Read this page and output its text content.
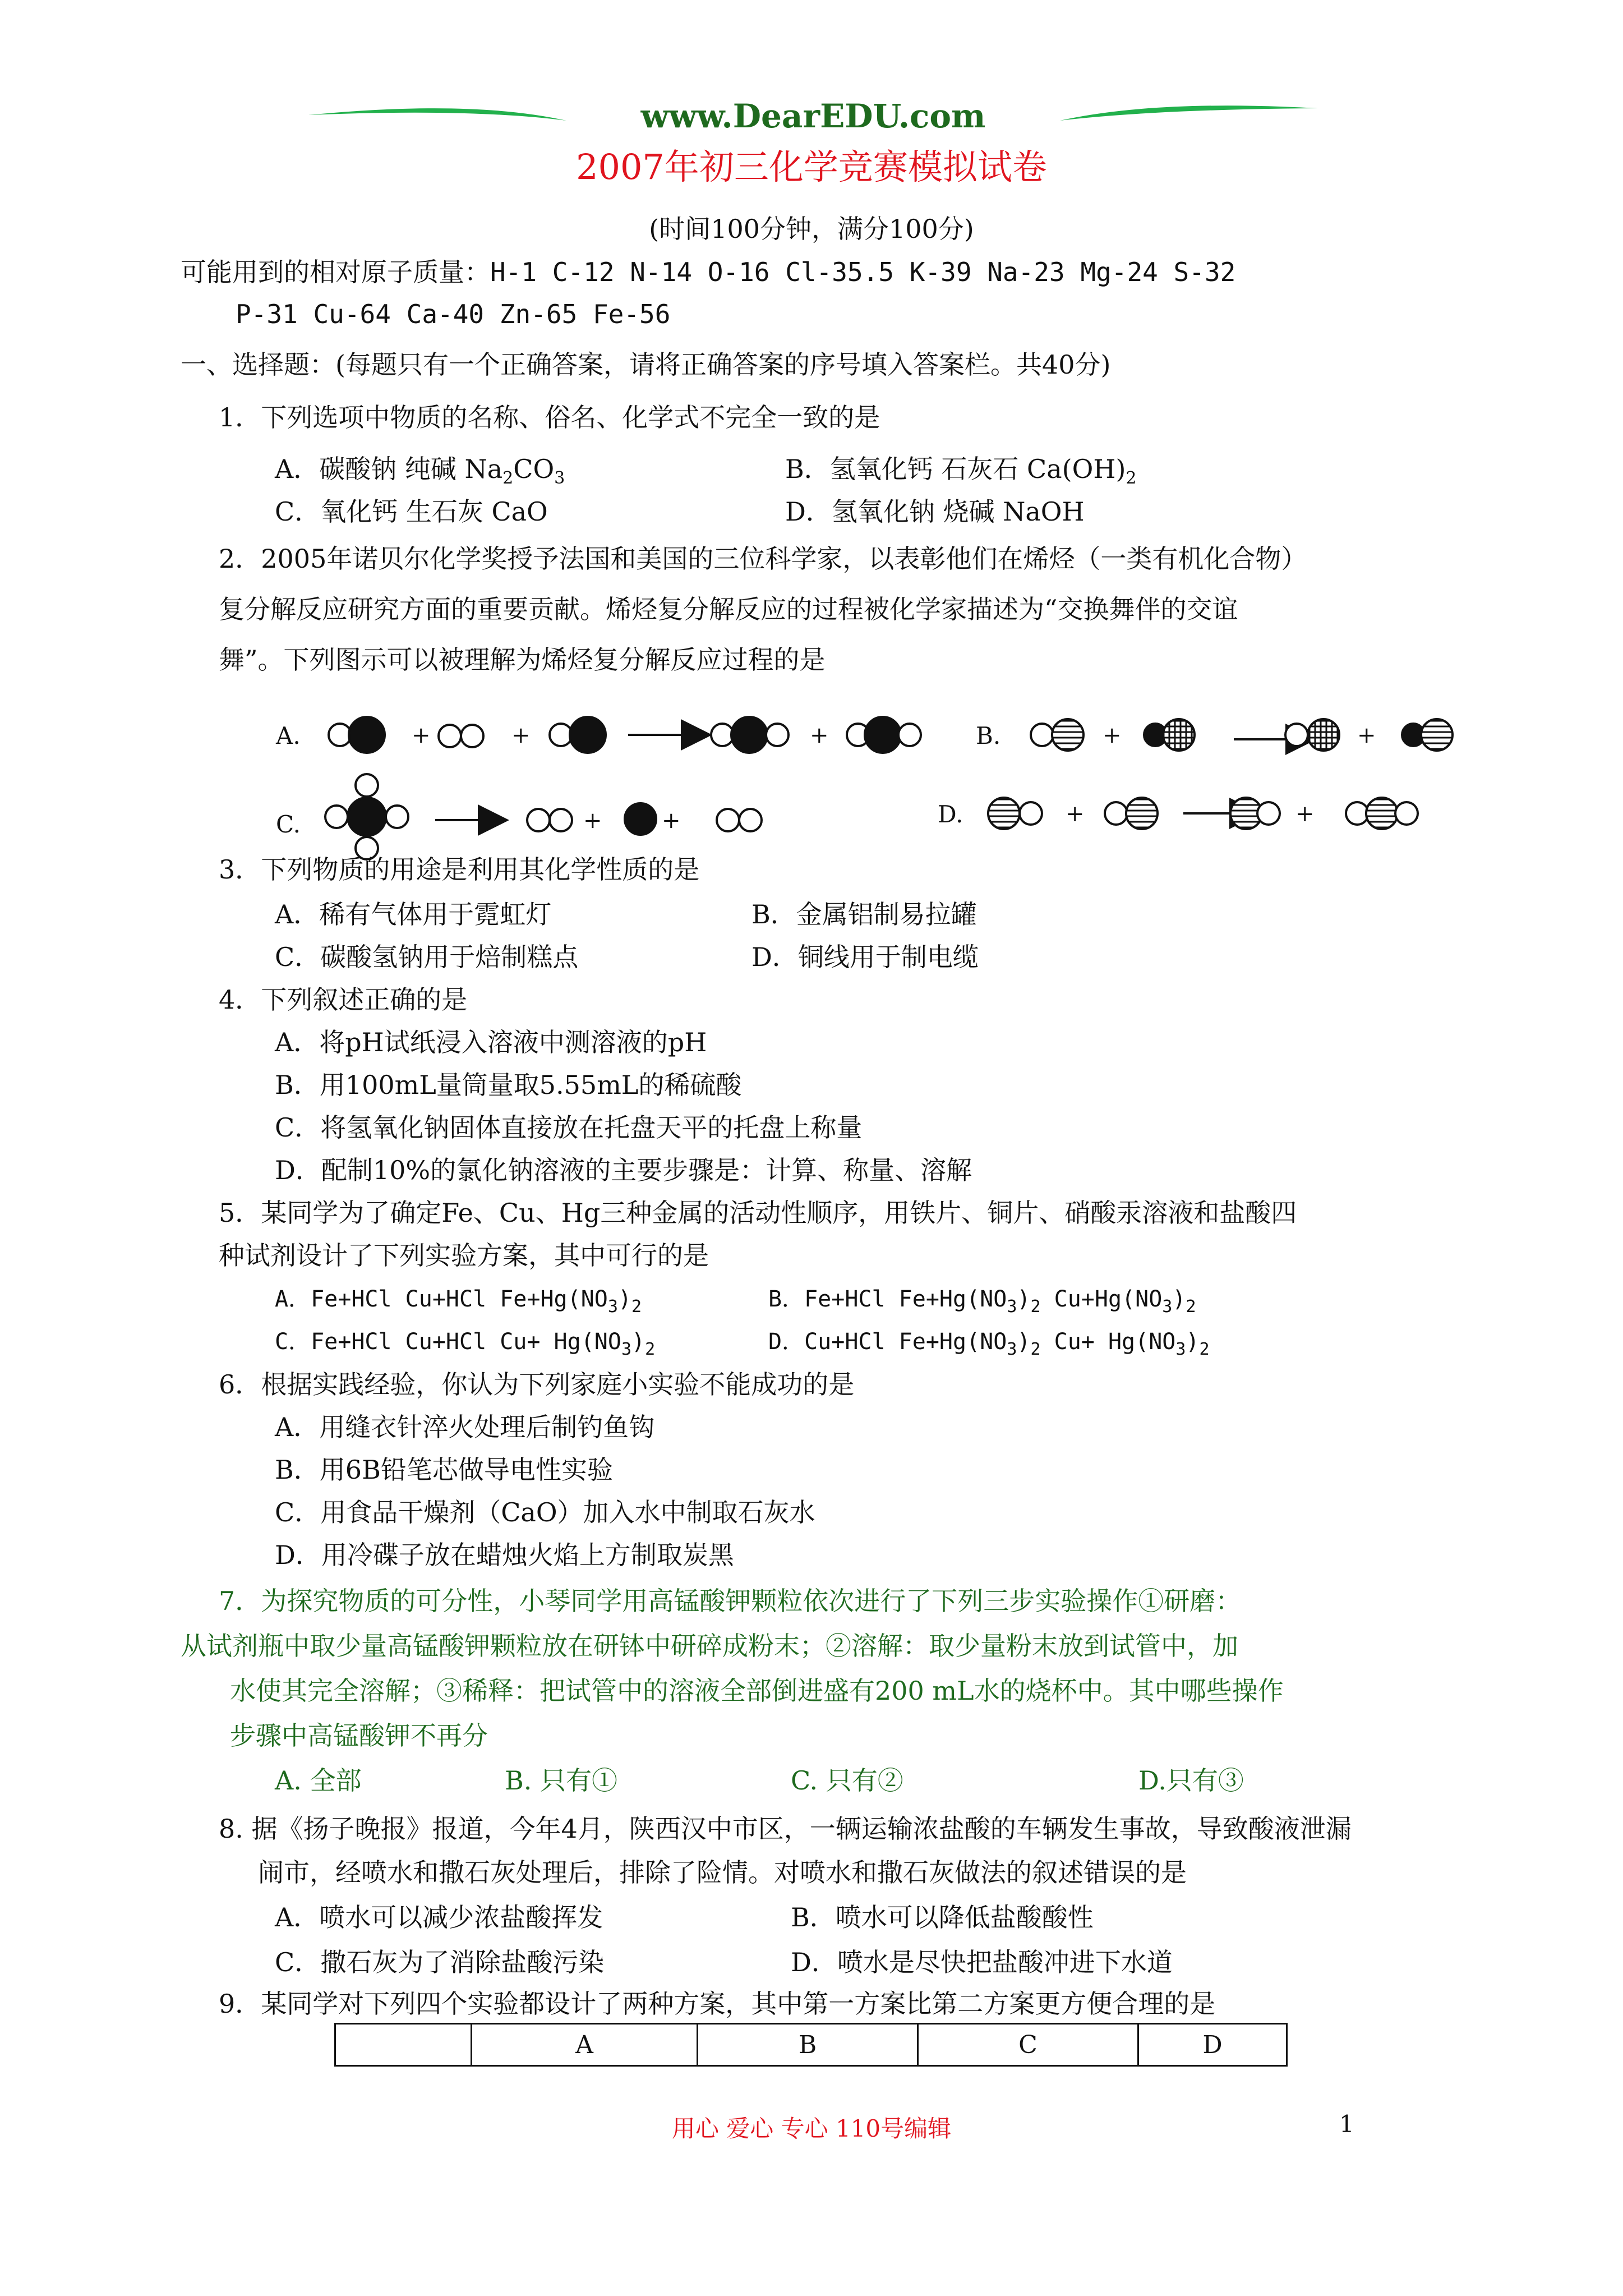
www.DearEDU.com
2007年初三化学竞赛模拟试卷
(时间100分钟，满分100分)
可能用到的相对原子质量：H-1 C-12 N-14 O-16 Cl-35.5 K-39 Na-23 Mg-24 S-32
P-31 Cu-64 Ca-40 Zn-65 Fe-56
一、选择题：(每题只有一个正确答案，请将正确答案的序号填入答案栏。共40分)
1．下列选项中物质的名称、俗名、化学式不完全一致的是
A．碳酸钠 纯碱 $Na_2CO_3$	B．氢氧化钙 石灰石 $Ca(OH)_2$
C．氧化钙 生石灰 CaO	D．氢氧化钠 烧碱 NaOH
2．2005年诺贝尔化学奖授予法国和美国的三位科学家，以表彰他们在烯烃（一类有机化合物）
复分解反应研究方面的重要贡献。烯烃复分解反应的过程被化学家描述为“交换舞伴的交谊
舞”。下列图示可以被理解为烯烃复分解反应过程的是
A.	+	+	+	B.	+	+
C.	+	+	D.	+	+
3．下列物质的用途是利用其化学性质的是
A．稀有气体用于霓虹灯	B．金属铝制易拉罐
C．碳酸氢钠用于焙制糕点	D．铜线用于制电缆
4．下列叙述正确的是
A．将pH试纸浸入溶液中测溶液的pH
B．用100mL量筒量取5.55mL的稀硫酸
C．将氢氧化钠固体直接放在托盘天平的托盘上称量
D．配制10%的氯化钠溶液的主要步骤是：计算、称量、溶解
5．某同学为了确定Fe、Cu、Hg三种金属的活动性顺序，用铁片、铜片、硝酸汞溶液和盐酸四
种试剂设计了下列实验方案，其中可行的是
A．Fe+HCl Cu+HCl $Fe+Hg(NO_3)_2$	B．Fe+HCl $Fe+Hg(NO_3)_2$ $Cu+Hg(NO_3)_2$
C．Fe+HCl Cu+HCl $Cu+ Hg(NO_3)_2$	D．Cu+HCl $Fe+Hg(NO_3)_2$ $Cu+ Hg(NO_3)_2$
6．根据实践经验，你认为下列家庭小实验不能成功的是
A．用缝衣针淬火处理后制钓鱼钩
B．用6B铅笔芯做导电性实验
C．用食品干燥剂（CaO）加入水中制取石灰水
D．用冷碟子放在蜡烛火焰上方制取炭黑
7．为探究物质的可分性，小琴同学用高锰酸钾颗粒依次进行了下列三步实验操作①研磨：
从试剂瓶中取少量高锰酸钾颗粒放在研钵中研碎成粉末；②溶解：取少量粉末放到试管中，加
水使其完全溶解；③稀释：把试管中的溶液全部倒进盛有200 mL水的烧杯中。其中哪些操作
步骤中高锰酸钾不再分
A. 全部	B. 只有①	C. 只有②	D.只有③
8. 据《扬子晚报》报道，今年4月，陕西汉中市区，一辆运输浓盐酸的车辆发生事故，导致酸液泄漏
闹市，经喷水和撒石灰处理后，排除了险情。对喷水和撒石灰做法的叙述错误的是
A．喷水可以减少浓盐酸挥发	B．喷水可以降低盐酸酸性
C．撒石灰为了消除盐酸污染	D．喷水是尽快把盐酸冲进下水道
9．某同学对下列四个实验都设计了两种方案，其中第一方案比第二方案更方便合理的是
	A	B	C	D
用心 爱心 专心 110号编辑	1
